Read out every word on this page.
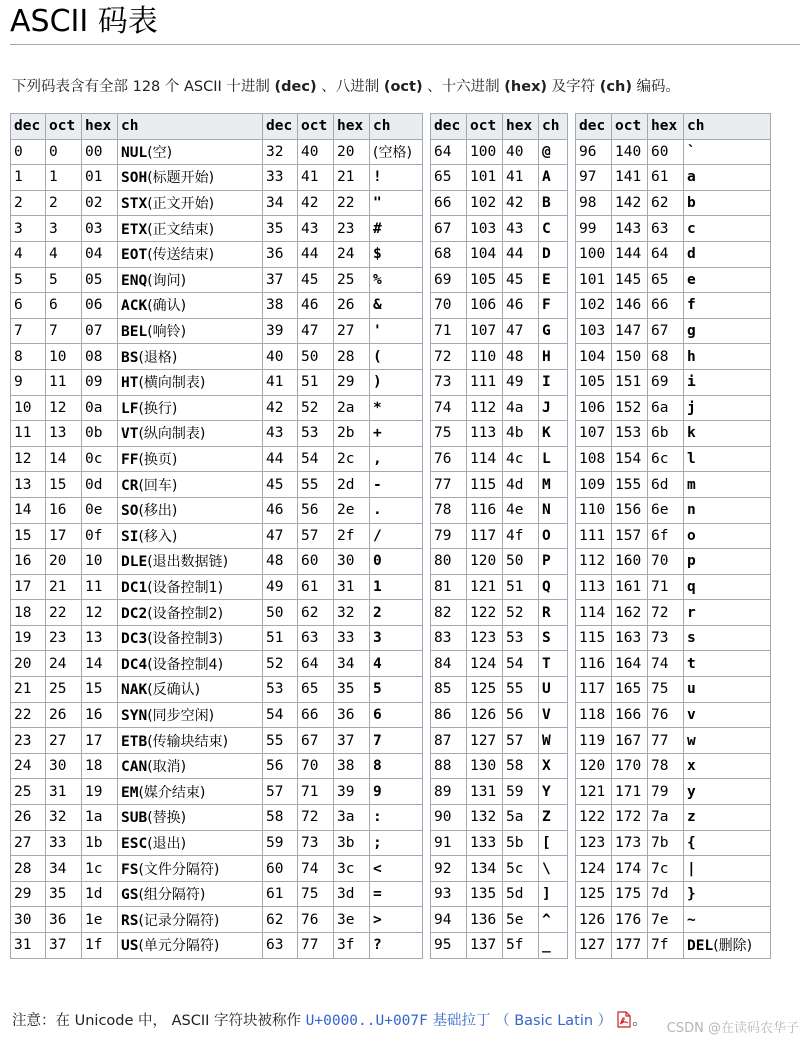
ASCII 码表

下列码表含有全部 128 个 ASCII 十进制 (dec) 、八进制 (oct) 、十六进制 (hex) 及字符 (ch) 编码。

dec	oct	hex	ch
0	0	00	NUL(空)
1	1	01	SOH(标题开始)
2	2	02	STX(正文开始)
3	3	03	ETX(正文结束)
4	4	04	EOT(传送结束)
5	5	05	ENQ(询问)
6	6	06	ACK(确认)
7	7	07	BEL(响铃)
8	10	08	BS(退格)
9	11	09	HT(横向制表)
10	12	0a	LF(换行)
11	13	0b	VT(纵向制表)
12	14	0c	FF(换页)
13	15	0d	CR(回车)
14	16	0e	SO(移出)
15	17	0f	SI(移入)
16	20	10	DLE(退出数据链)
17	21	11	DC1(设备控制1)
18	22	12	DC2(设备控制2)
19	23	13	DC3(设备控制3)
20	24	14	DC4(设备控制4)
21	25	15	NAK(反确认)
22	26	16	SYN(同步空闲)
23	27	17	ETB(传输块结束)
24	30	18	CAN(取消)
25	31	19	EM(媒介结束)
26	32	1a	SUB(替换)
27	33	1b	ESC(退出)
28	34	1c	FS(文件分隔符)
29	35	1d	GS(组分隔符)
30	36	1e	RS(记录分隔符)
31	37	1f	US(单元分隔符)
dec	oct	hex	ch
32	40	20	(空格)
33	41	21	!
34	42	22	"
35	43	23	#
36	44	24	$
37	45	25	%
38	46	26	&
39	47	27	'
40	50	28	(
41	51	29	)
42	52	2a	*
43	53	2b	+
44	54	2c	,
45	55	2d	-
46	56	2e	.
47	57	2f	/
48	60	30	0
49	61	31	1
50	62	32	2
51	63	33	3
52	64	34	4
53	65	35	5
54	66	36	6
55	67	37	7
56	70	38	8
57	71	39	9
58	72	3a	:
59	73	3b	;
60	74	3c	<
61	75	3d	=
62	76	3e	>
63	77	3f	?
dec	oct	hex	ch
64	100	40	@
65	101	41	A
66	102	42	B
67	103	43	C
68	104	44	D
69	105	45	E
70	106	46	F
71	107	47	G
72	110	48	H
73	111	49	I
74	112	4a	J
75	113	4b	K
76	114	4c	L
77	115	4d	M
78	116	4e	N
79	117	4f	O
80	120	50	P
81	121	51	Q
82	122	52	R
83	123	53	S
84	124	54	T
85	125	55	U
86	126	56	V
87	127	57	W
88	130	58	X
89	131	59	Y
90	132	5a	Z
91	133	5b	[
92	134	5c	\
93	135	5d	]
94	136	5e	^
95	137	5f	_
dec	oct	hex	ch
96	140	60	`
97	141	61	a
98	142	62	b
99	143	63	c
100	144	64	d
101	145	65	e
102	146	66	f
103	147	67	g
104	150	68	h
105	151	69	i
106	152	6a	j
107	153	6b	k
108	154	6c	l
109	155	6d	m
110	156	6e	n
111	157	6f	o
112	160	70	p
113	161	71	q
114	162	72	r
115	163	73	s
116	164	74	t
117	165	75	u
118	166	76	v
119	167	77	w
120	170	78	x
121	171	79	y
122	172	7a	z
123	173	7b	{
124	174	7c	|
125	175	7d	}
126	176	7e	~
127	177	7f	DEL(删除)

注意：在 Unicode 中， ASCII 字符块被称作 U+0000..U+007F 基础拉丁 （ Basic Latin ） 。 CSDN @在读码农华子
